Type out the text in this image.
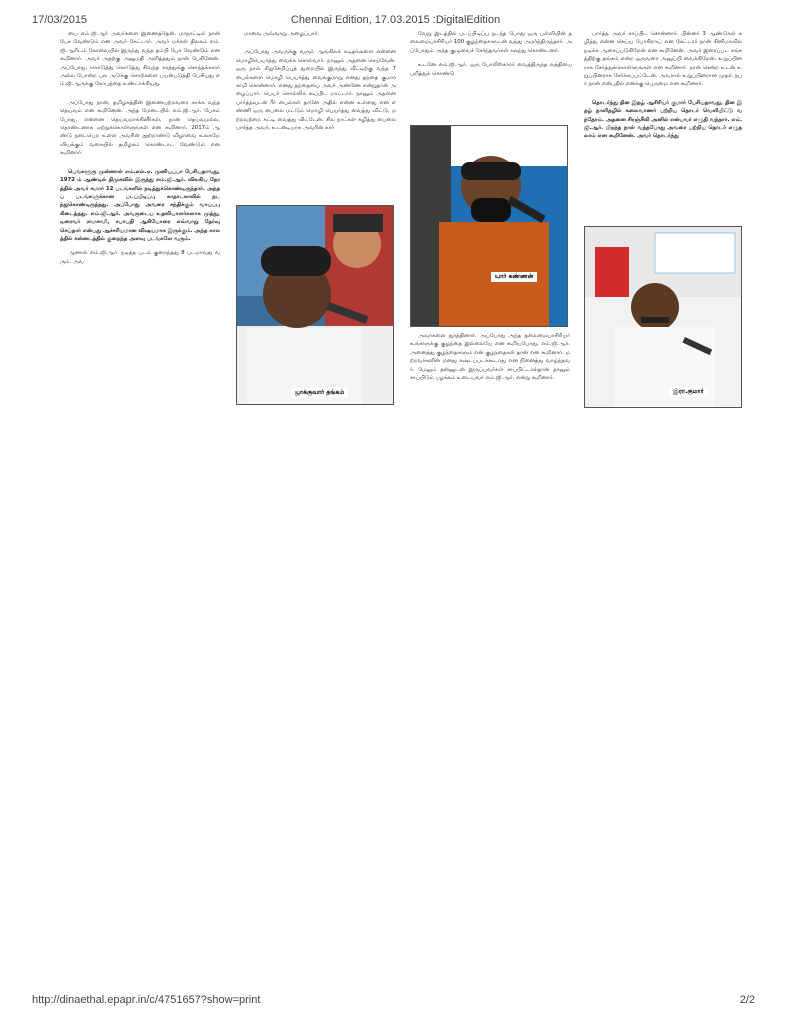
17/03/2015	Chennai Edition, 17.03.2015 :DigitalEdition

யை எம்.ஜி.ஆர் அவர்களை இணைத்தேன். மாநாட்டில் நான் பேச வேண்டும் என அவர் கேட்டார். அவர் மக்கள் திலகம் எம்.ஜி.ஆரிடம் கோவையில் இருந்து வந்த தம்பி பேச வேண்டும் என கூறினார். அவர் அதற்கு அனுமதி அளித்ததும் நான் பேசினேன். அப்போது, கொடுத்து கொடுத்து சிவந்த கரத்துக்கு சொந்தக்காரர் அல்ல போன்ற பல அடுக்கு சொற்களை பயன்படுத்தி பேசியது எம்.ஜி.ஆருக்கு கோபத்தை உண்டாக்கியது.

அப்போது நான், தமிழகத்தின் இணையற்றவரை காக்க வந்த தெய்வம் என கூறினேன். அந்த மேடையில் எம்.ஜி.ஆர். பேசும் போது, என்னை தெய்வமாக்கினீர்கள், நான் தெய்வமல்ல, தொண்டனாக ஏற்றுக்கொள்ளுங்கள் என கூறினார். 2017ம் ஆண்டு நடைபெற உள்ள அவரின் நூற்றாண்டு விழாவை உலகமே வியக்கும் வகையில் தமிழகம் கொண்டாட வேண்டும் என கூறினார்.

பெங்களூரு முன்னாள் எம்.எல்.ஏ. முனியப்பா பேசியதாவது, 1972 ம் ஆண்டில் திமுகவில் இருந்து எம்.ஜி.ஆர். விலகிய நேரத்தில் அவர் சுமார் 12 படங்களில் நடித்துக்கொண்டிருந்தார். அந்தப் படங்களுக்கான படப்பிடிப்பு காதாடகாவில் நடந்துகொண்டிருந்தது. அப்போது அவரை சந்திக்கும் வாய்ப்பு கிடைத்தது. எம்.ஜி.ஆர். அவருடைய உதவியாளர்களாக முத்து, டிரைவர் ராமசாமி, சபாபதி ஆகியோரை எவ்வாறு தேர்வு செய்தார் என்பது ஆச்சரியமான விஷயமாக இருக்கும். அந்த காலத்தில் கன்னடத்தில் குறைந்த அளவு படங்களே வரும்.

ஆனால் எம்.ஜி.ஆர். நடித்த படம் குறைந்தது 8 படமாவது வரும். அவ

மாவை அவ்வாறு அழைப்பார்.

அப்போது அவருக்கு வரும் ஆங்கிலக் கடிதங்களை என்னை மொழிபெயர்த்து வைக்க சொல்வார். நானும் அதனை செய்வேன். ஒரு நாள் சிறுசேமிப்புத் துறையில் இருந்து வீட்டிற்கு வந்த 7 பைல்களை மொழி பெயர்த்து வைக்குமாறு எனது தந்தை குமாரசாமி சொன்னார். எனது தந்தையை அவர் அண்ணே என்றுதான் அழைப்பார். பெயர் சொல்லிக் கூப்பிட மாட்டார். நானும் அதனை பார்த்தவுடன் ரீர் பைல்கள் தானே அதில் என்ன உள்ளது என எண்ணி ஒரு பைலை மட்டும் மொழி பெயர்த்து வைத்து விட்டு, மற்றவற்றை கட்டி வைத்து விட்டேன். சில நாட்கள் கழித்து பைலை பார்த்த அவர், உடனடியாக அவரின் கார்

ஜாக்குவார் தங்கம்

வேறு இடத்தில் படப்பிடிப்பு நடந்த போது ஒரு பள்ளியின் தலைமையாசிரியர் 100 குழந்தைகளுடன் வந்து அமர்ந்திருந்தார். அப்போதும் அந்த குழுவைச் சேர்ந்தவர்கள் கலந்து கொண்டனர்.

உடனே எம்.ஜி.ஆர். ஒரு போலீஸ்காரர் வைத்திருந்த லத்தியை பறித்துக் கொண்டு

யார் கண்ணன்

அவர்களை துரத்தினார். அப்போது அந்த தலைமையாசிரியர் உங்களுக்கு குழந்தை இல்லையே என கூறியபோது, எம்.ஜி.ஆர். அனைத்து குழந்தைகளும் என் குழந்தைகள் தான் என கூறினார். மற்றவர்களின் மனது கஷ்டப்படக்கூடாது என நினைத்து வாழ்ந்தவர். மேலும் தன்னுடன் இருப்பவர்கள் சாப்பிட்டால்தான் தானும் சாப்பிடும் பழக்கம் உடையவர் எம்.ஜி.ஆர். என்று கூறினார்.

பார்த்த அவர் சாப்பிட சொன்னார். பின்னர் 3 ஆண்டுகள் கழித்து என்ன செய்ய போகிறாய் என கேட்டார் நான் சினிமாவில் நடிக்க ஆசைப்படுகிறேன் என கூறினேன். அவர் இரைப்பட சங்கத்திற்கு தங்கம் என்ற ஒருவரை அனுப்பி வைக்கிறேன். உறுப்பினராக சேர்த்துக்கொள்ளுங்கள் என கூறினார். நான் சென்ற உடன் உறுப்பினராக சேர்க்கப்பட்டேன். அவரால் உறுப்பினரான முதல் நபர் நான் என்பதில் எனக்கு பெருமை என கூறினார்.

தொடர்ந்து தின இதழ் ஆசிரியர் குமார் பேசியதாவது, தின இதழ் நாளிதழில் கலைவாணர் பற்றிய தொடர் வெளியிட்டு வந்தோம். அதனை சிரஞ்சீவி அனில் என்பவர் எழுதி வந்தார். எம்.ஜி.ஆர். பிறந்த நாள் வந்தபோது அவரை பற்றிய தொடர் எழுதலாம் என கூறினேன். அவர் தொடர்ந்து

இரா.குமார்
http://dinaethal.epapr.in/c/4751657?show=print	2/2
